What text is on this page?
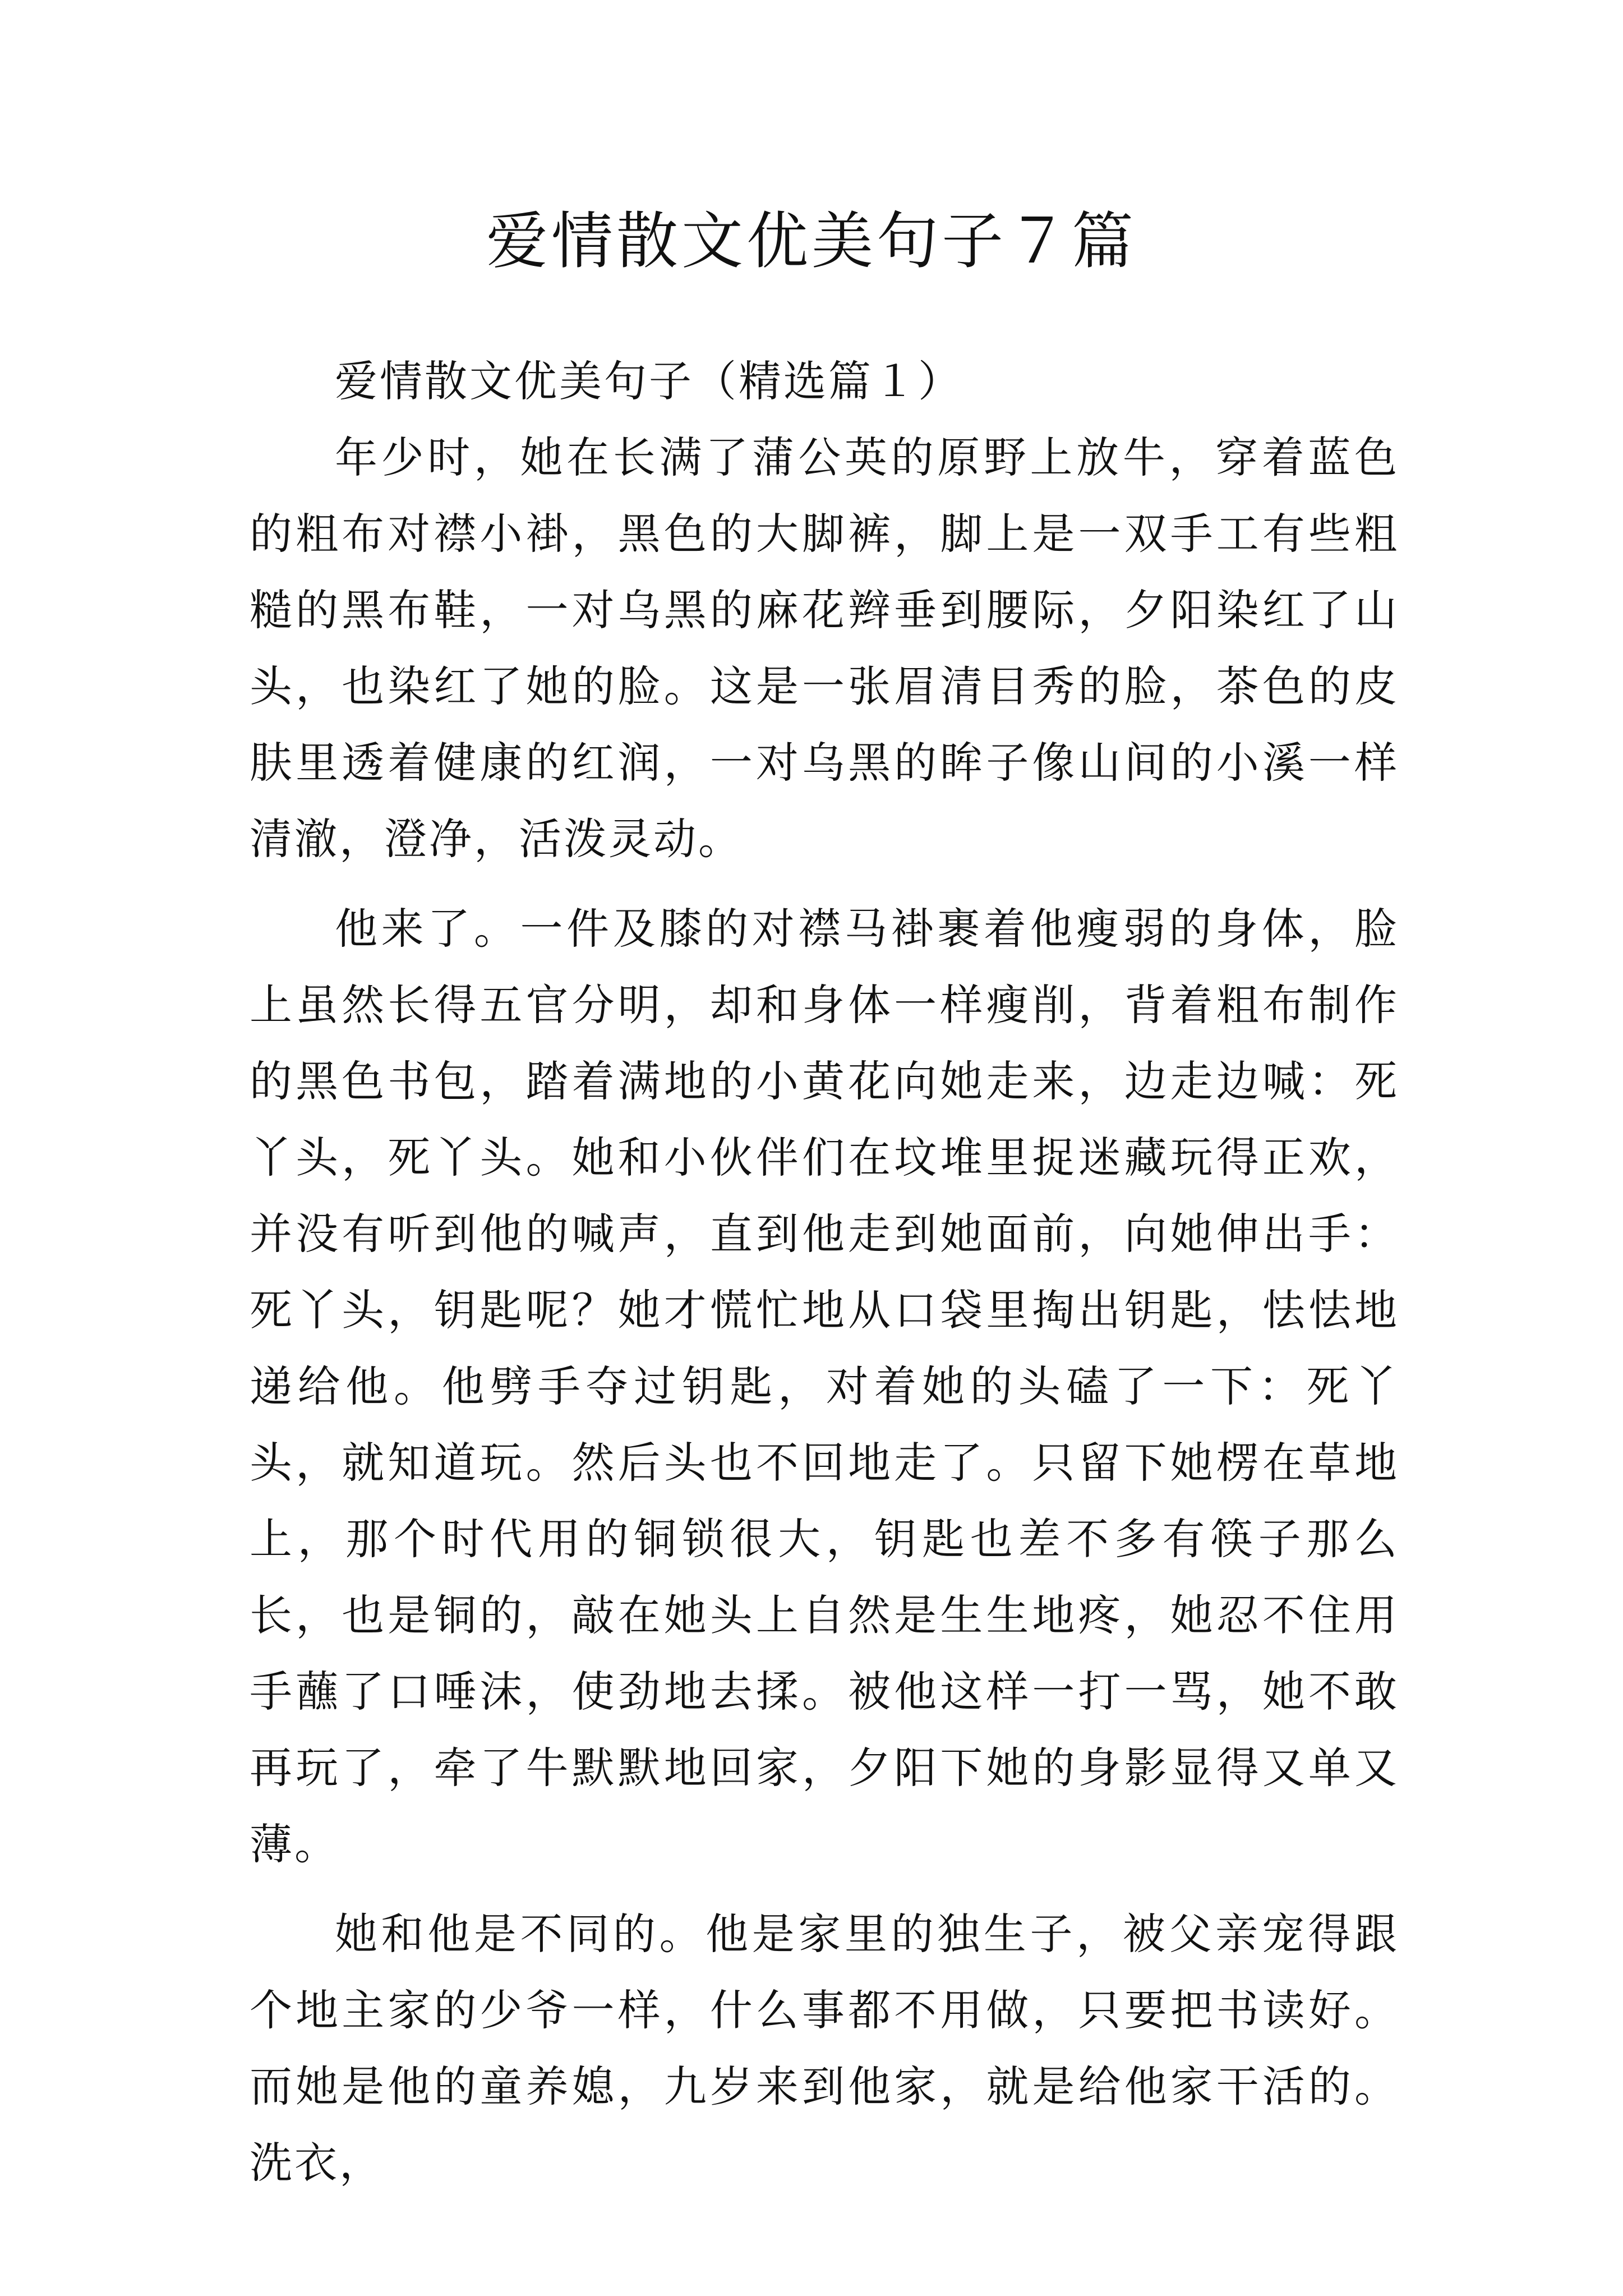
爱情散文优美句子７篇

爱情散文优美句子（精选篇１）

年少时，她在长满了蒲公英的原野上放牛，穿着蓝色的粗布对襟小褂，黑色的大脚裤，脚上是一双手工有些粗糙的黑布鞋，一对乌黑的麻花辫垂到腰际，夕阳染红了山头，也染红了她的脸。这是一张眉清目秀的脸，茶色的皮肤里透着健康的红润，一对乌黑的眸子像山间的小溪一样清澈，澄净，活泼灵动。

他来了。一件及膝的对襟马褂裹着他瘦弱的身体，脸上虽然长得五官分明，却和身体一样瘦削，背着粗布制作的黑色书包，踏着满地的小黄花向她走来，边走边喊：死丫头，死丫头。她和小伙伴们在坟堆里捉迷藏玩得正欢，并没有听到他的喊声，直到他走到她面前，向她伸出手：死丫头，钥匙呢？她才慌忙地从口袋里掏出钥匙，怯怯地递给他。他劈手夺过钥匙，对着她的头磕了一下：死丫头，就知道玩。然后头也不回地走了。只留下她楞在草地上，那个时代用的铜锁很大，钥匙也差不多有筷子那么长，也是铜的，敲在她头上自然是生生地疼，她忍不住用手蘸了口唾沫，使劲地去揉。被他这样一打一骂，她不敢再玩了，牵了牛默默地回家，夕阳下她的身影显得又单又薄。

她和他是不同的。他是家里的独生子，被父亲宠得跟个地主家的少爷一样，什么事都不用做，只要把书读好。而她是他的童养媳，九岁来到他家，就是给他家干活的。洗衣，
